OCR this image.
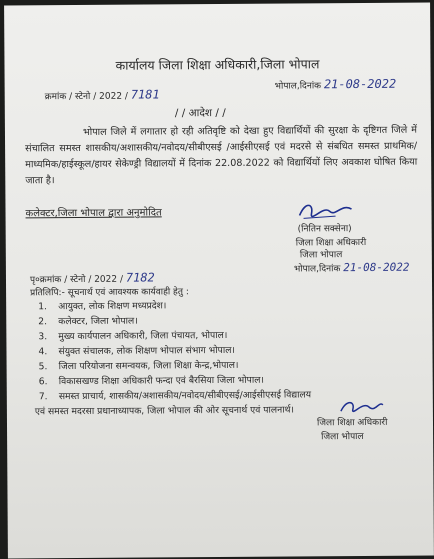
कार्यालय जिला शिक्षा अधिकारी,जिला भोपाल
क्रमांक / स्टेनो / 2022 / 7181
भोपाल,दिनांक 21-08-2022
/ / आदेश / /
भोपाल जिले में लगातार हो रही अतिवृष्टि को देखा हुए विद्यार्थियों की सुरक्षा के दृष्टिगत जिले में संचालित समस्त शासकीय/अशासकीय/नवोदय/सीबीएसई /आईसीएसई एवं मदरसे से संबधित समस्त प्राथमिक/माध्यमिक/हाईस्कूल/हायर सेकेण्ड्री विद्यालयों में दिनांक 22.08.2022 को विद्यार्थियों लिए अवकाश घोषित किया जाता है।
कलेक्टर,जिला भोपाल द्वारा अनुमोदित
(नितिन सक्सेना)
जिला शिक्षा अधिकारी
जिला भोपाल
भोपाल,दिनांक 21-08-2022
पृ०क्रमांक / स्टेनो / 2022 / 7182
प्रतिलिपि:- सूचनार्थ एवं आवश्यक कार्यवाही हेतु :
1. आयुक्त, लोक शिक्षण मध्यप्रदेश।
2. कलेक्टर, जिला भोपाल।
3. मुख्य कार्यपालन अधिकारी, जिला पंचायत, भोपाल।
4. संयुक्त संचालक, लोक शिक्षण भोपाल संभाग भोपाल।
5. जिला परियोजना समन्वयक, जिला शिक्षा केन्द्र,भोपाल।
6. विकासखण्ड शिक्षा अधिकारी फन्दा एवं बैरसिया जिला भोपाल।
7. समस्त प्राचार्य, शासकीय/अशासकीय/नवोदय/सीबीएसई/आईसीएसई विद्यालय
एवं समस्त मदरसा प्रधानाध्यापक, जिला भोपाल की ओर सूचनार्थ एवं पालनार्थ।
जिला शिक्षा अधिकारी
जिला भोपाल
